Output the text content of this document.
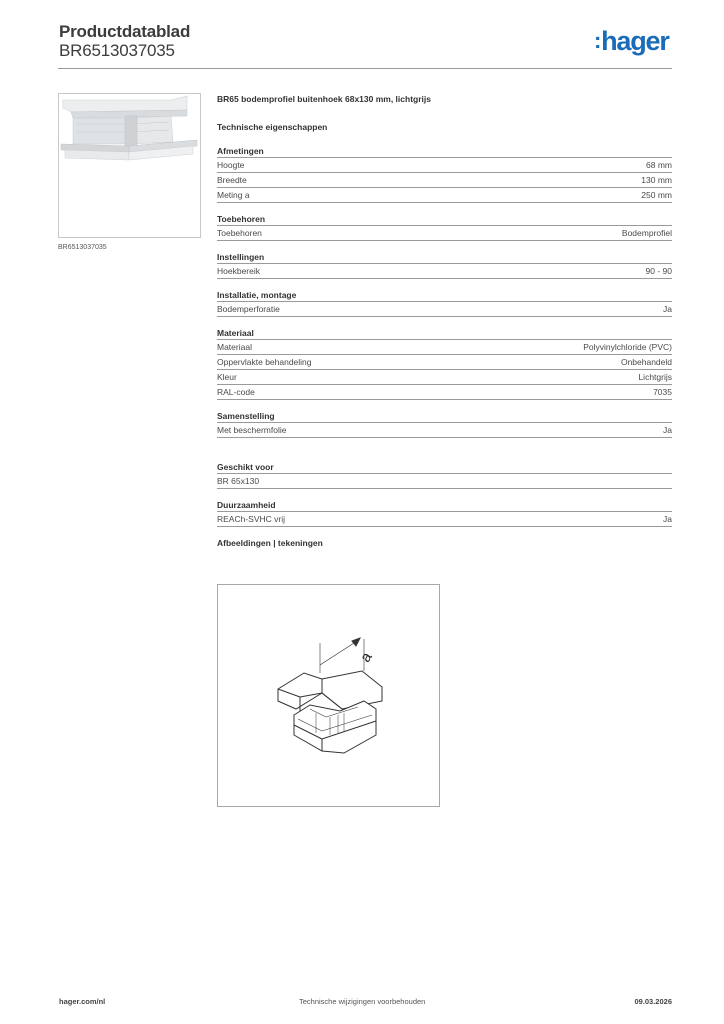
Productdatablad
BR6513037035	:hager
BR6513037035
BR65 bodemprofiel buitenhoek 68x130 mm, lichtgrijs
Technische eigenschappen
Afmetingen
Hoogte	68 mm
Breedte	130 mm
Meting a	250 mm
Toebehoren
Toebehoren	Bodemprofiel
Instellingen
Hoekbereik	90 - 90
Installatie, montage
Bodemperforatie	Ja
Materiaal
Materiaal	Polyvinylchloride (PVC)
Oppervlakte behandeling	Onbehandeld
Kleur	Lichtgrijs
RAL-code	7035
Samenstelling
Met beschermfolie	Ja
Geschikt voor
BR 65x130
Duurzaamheid
REACh-SVHC vrij	Ja
Afbeeldingen | tekeningen
a
hager.com/nl	Technische wijzigingen voorbehouden	09.03.2026
